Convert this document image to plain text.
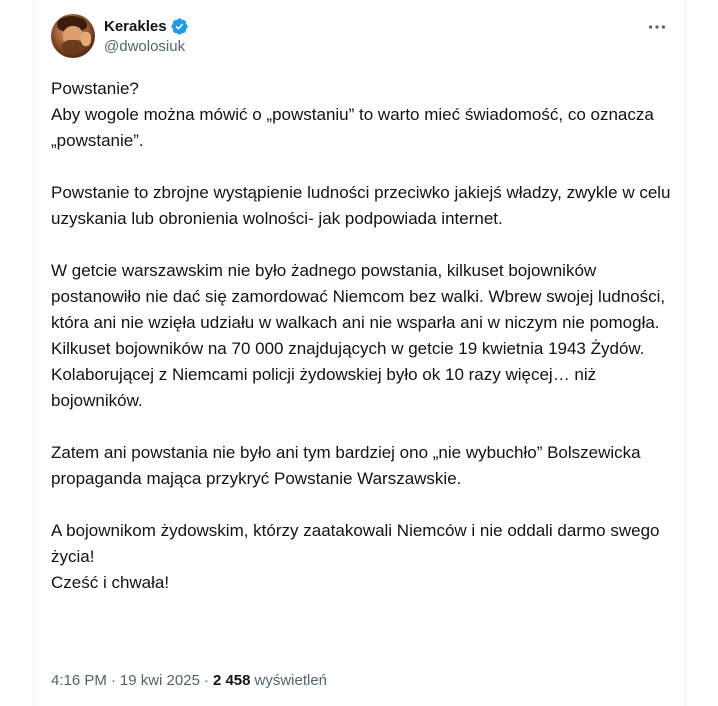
Kerakles
@dwolosiuk

Powstanie?
Aby wogole można mówić o „powstaniu” to warto mieć świadomość, co oznacza „powstanie”.

Powstanie to zbrojne wystąpienie ludności przeciwko jakiejś władzy, zwykle w celu uzyskania lub obronienia wolności- jak podpowiada internet.

W getcie warszawskim nie było żadnego powstania, kilkuset bojowników postanowiło nie dać się zamordować Niemcom bez walki. Wbrew swojej ludności, która ani nie wzięła udziału w walkach ani nie wsparła ani w niczym nie pomogła.
Kilkuset bojowników na 70 000 znajdujących w getcie 19 kwietnia 1943 Żydów. Kolaborującej z Niemcami policji żydowskiej było ok 10 razy więcej… niż bojowników.

Zatem ani powstania nie było ani tym bardziej ono „nie wybuchło” Bolszewicka propaganda mająca przykryć Powstanie Warszawskie.

A bojownikom żydowskim, którzy zaatakowali Niemców i nie oddali darmo swego życia!
Cześć i chwała!

4:16 PM · 19 kwi 2025 · 2 458 wyświetleń
